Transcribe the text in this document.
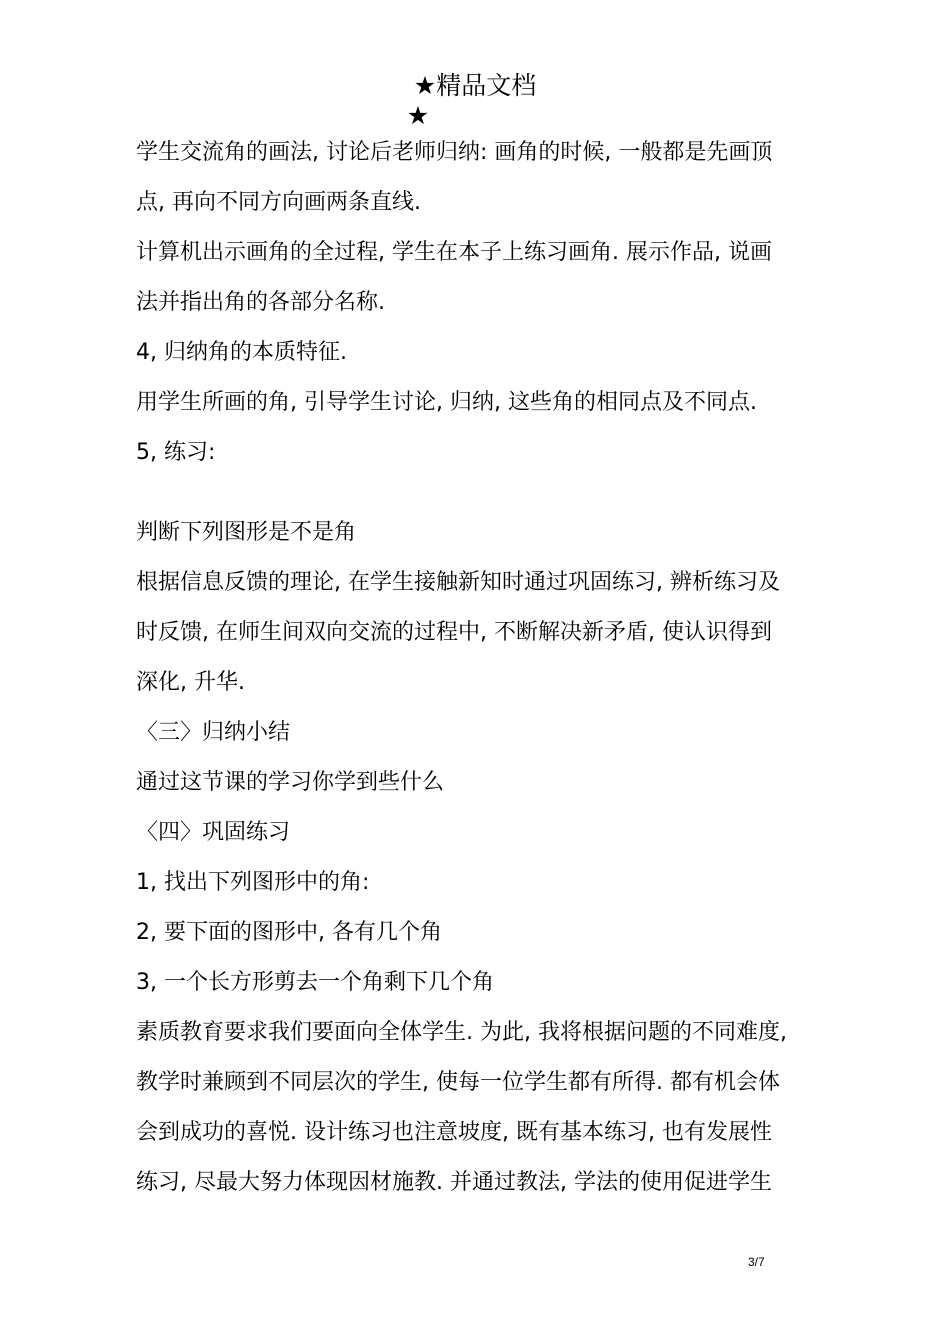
★精品文档
★
学生交流角的画法, 讨论后老师归纳: 画角的时候, 一般都是先画顶
点, 再向不同方向画两条直线.
计算机出示画角的全过程, 学生在本子上练习画角. 展示作品, 说画
法并指出角的各部分名称.
4, 归纳角的本质特征.
用学生所画的角, 引导学生讨论, 归纳, 这些角的相同点及不同点.
5, 练习:
判断下列图形是不是角
根据信息反馈的理论, 在学生接触新知时通过巩固练习, 辨析练习及
时反馈, 在师生间双向交流的过程中, 不断解决新矛盾, 使认识得到
深化, 升华.
〈三〉归纳小结
通过这节课的学习你学到些什么
〈四〉巩固练习
1, 找出下列图形中的角:
2, 要下面的图形中, 各有几个角
3, 一个长方形剪去一个角剩下几个角
素质教育要求我们要面向全体学生. 为此, 我将根据问题的不同难度,
教学时兼顾到不同层次的学生, 使每一位学生都有所得. 都有机会体
会到成功的喜悦. 设计练习也注意坡度, 既有基本练习, 也有发展性
练习, 尽最大努力体现因材施教. 并通过教法, 学法的使用促进学生
3/7
